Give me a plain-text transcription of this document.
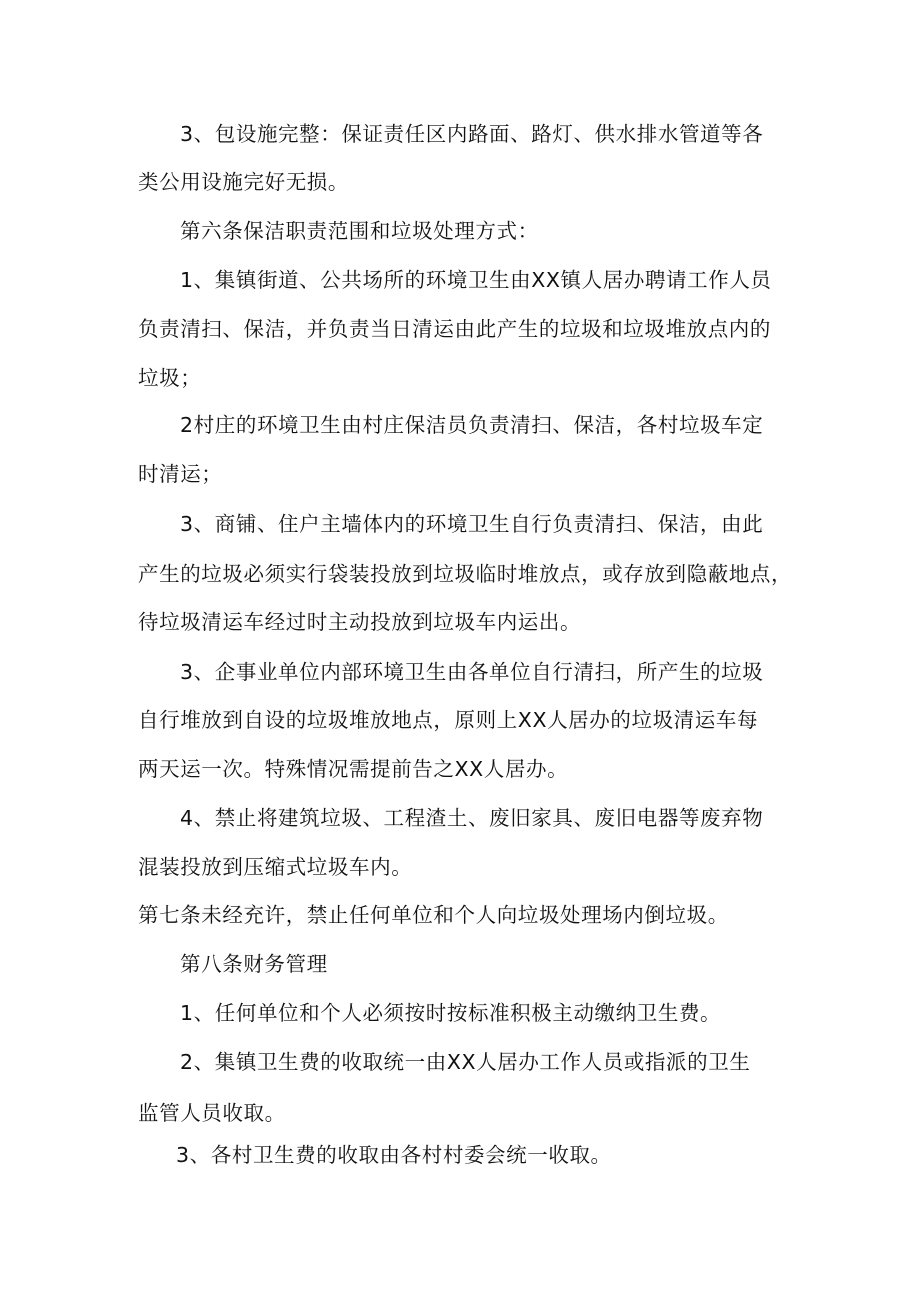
3、包设施完整：保证责任区内路面、路灯、供水排水管道等各
类公用设施完好无损。
第六条保洁职责范围和垃圾处理方式：
1、集镇街道、公共场所的环境卫生由XX镇人居办聘请工作人员
负责清扫、保洁，并负责当日清运由此产生的垃圾和垃圾堆放点内的
垃圾；
2村庄的环境卫生由村庄保洁员负责清扫、保洁，各村垃圾车定
时清运；
3、商铺、住户主墙体内的环境卫生自行负责清扫、保洁，由此
产生的垃圾必须实行袋装投放到垃圾临时堆放点，或存放到隐蔽地点，
待垃圾清运车经过时主动投放到垃圾车内运出。
3、企事业单位内部环境卫生由各单位自行清扫，所产生的垃圾
自行堆放到自设的垃圾堆放地点，原则上XX人居办的垃圾清运车每
两天运一次。特殊情况需提前告之XX人居办。
4、禁止将建筑垃圾、工程渣土、废旧家具、废旧电器等废弃物
混装投放到压缩式垃圾车内。
第七条未经充许，禁止任何单位和个人向垃圾处理场内倒垃圾。
第八条财务管理
1、任何单位和个人必须按时按标准积极主动缴纳卫生费。
2、集镇卫生费的收取统一由XX人居办工作人员或指派的卫生
监管人员收取。
3、各村卫生费的收取由各村村委会统一收取。
